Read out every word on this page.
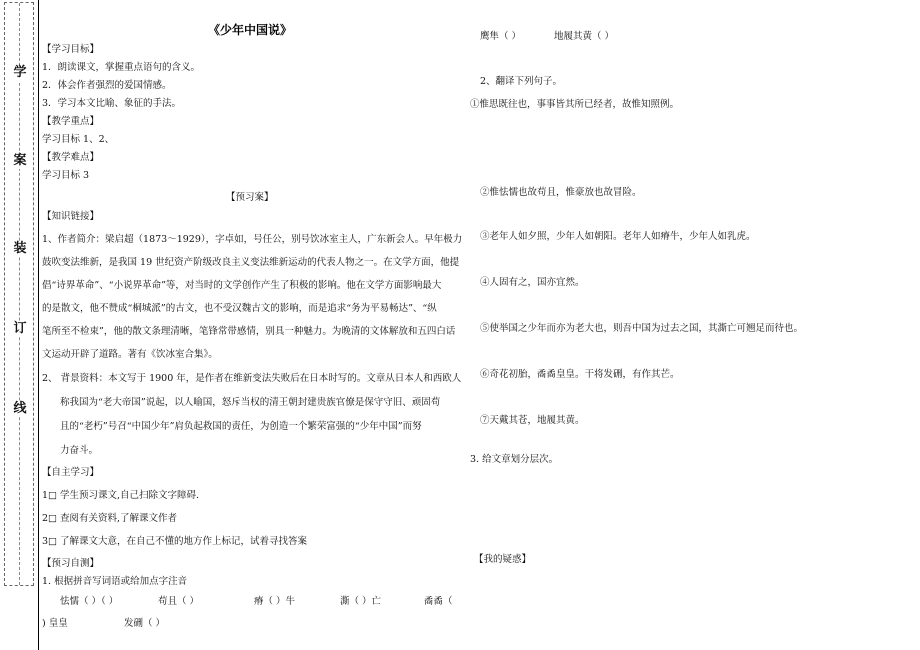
学
案
装
订
线
《少年中国说》
【学习目标】
1．朗读课文，掌握重点语句的含义。
2．体会作者强烈的爱国情感。
3．学习本文比喻、象征的手法。
【教学重点】
学习目标 1、2、
【教学难点】
学习目标 3
【预习案】
【知识链接】
1、作者简介：梁启超（1873～1929），字卓如，号任公，别号饮冰室主人，广东新会人。早年极力
鼓吹变法维新，是我国 19 世纪资产阶级改良主义变法维新运动的代表人物之一。在文学方面，他提
倡“诗界革命”、“小说界革命”等，对当时的文学创作产生了积极的影响。他在文学方面影响最大
的是散文，他不赞成“桐城派”的古文，也不受汉魏古文的影响，而是追求“务为平易畅达”、“纵
笔所至不检束”，他的散文条理清晰，笔锋常带感情，别具一种魅力。为晚清的文体解放和五四白话
文运动开辟了道路。著有《饮冰室合集》。
2、 背景资料：本文写于 1900 年，是作者在维新变法失败后在日本时写的。文章从日本人和西欧人
称我国为“老大帝国”说起，以人喻国，怒斥当权的清王朝封建贵族官僚是保守守旧、顽固苟
且的“老朽”号召“中国少年”肩负起救国的责任，为创造一个繁荣富强的“少年中国”而努
力奋斗。
【自主学习】
1□ 学生预习课文,自己扫除文字障碍.
2□ 查阅有关资料,了解课文作者
3□ 了解课文大意，在自己不懂的地方作上标记，试着寻找答案
【预习自测】
1. 根据拼音写词语或给加点字注音
怯懦（ ）（ ）	苟且（ ）	瘠（ ）牛	澌（ ）亡	矞矞（
) 皇皇	发硎（ ）
鹰隼（ ）	地履其黄（ ）
2、翻译下列句子。
①惟思既往也，事事皆其所已经者，故惟知照例。
②惟怯懦也故苟且，惟豪放也故冒险。
③老年人如夕照，少年人如朝阳。老年人如瘠牛，少年人如乳虎。
④人固有之，国亦宜然。
⑤使举国之少年而亦为老大也，则吾中国为过去之国，其澌亡可翘足而待也。
⑥奇花初胎，矞矞皇皇。干将发硎，有作其芒。
⑦天戴其苍，地履其黄。
3. 给文章划分层次。
【我的疑惑】
